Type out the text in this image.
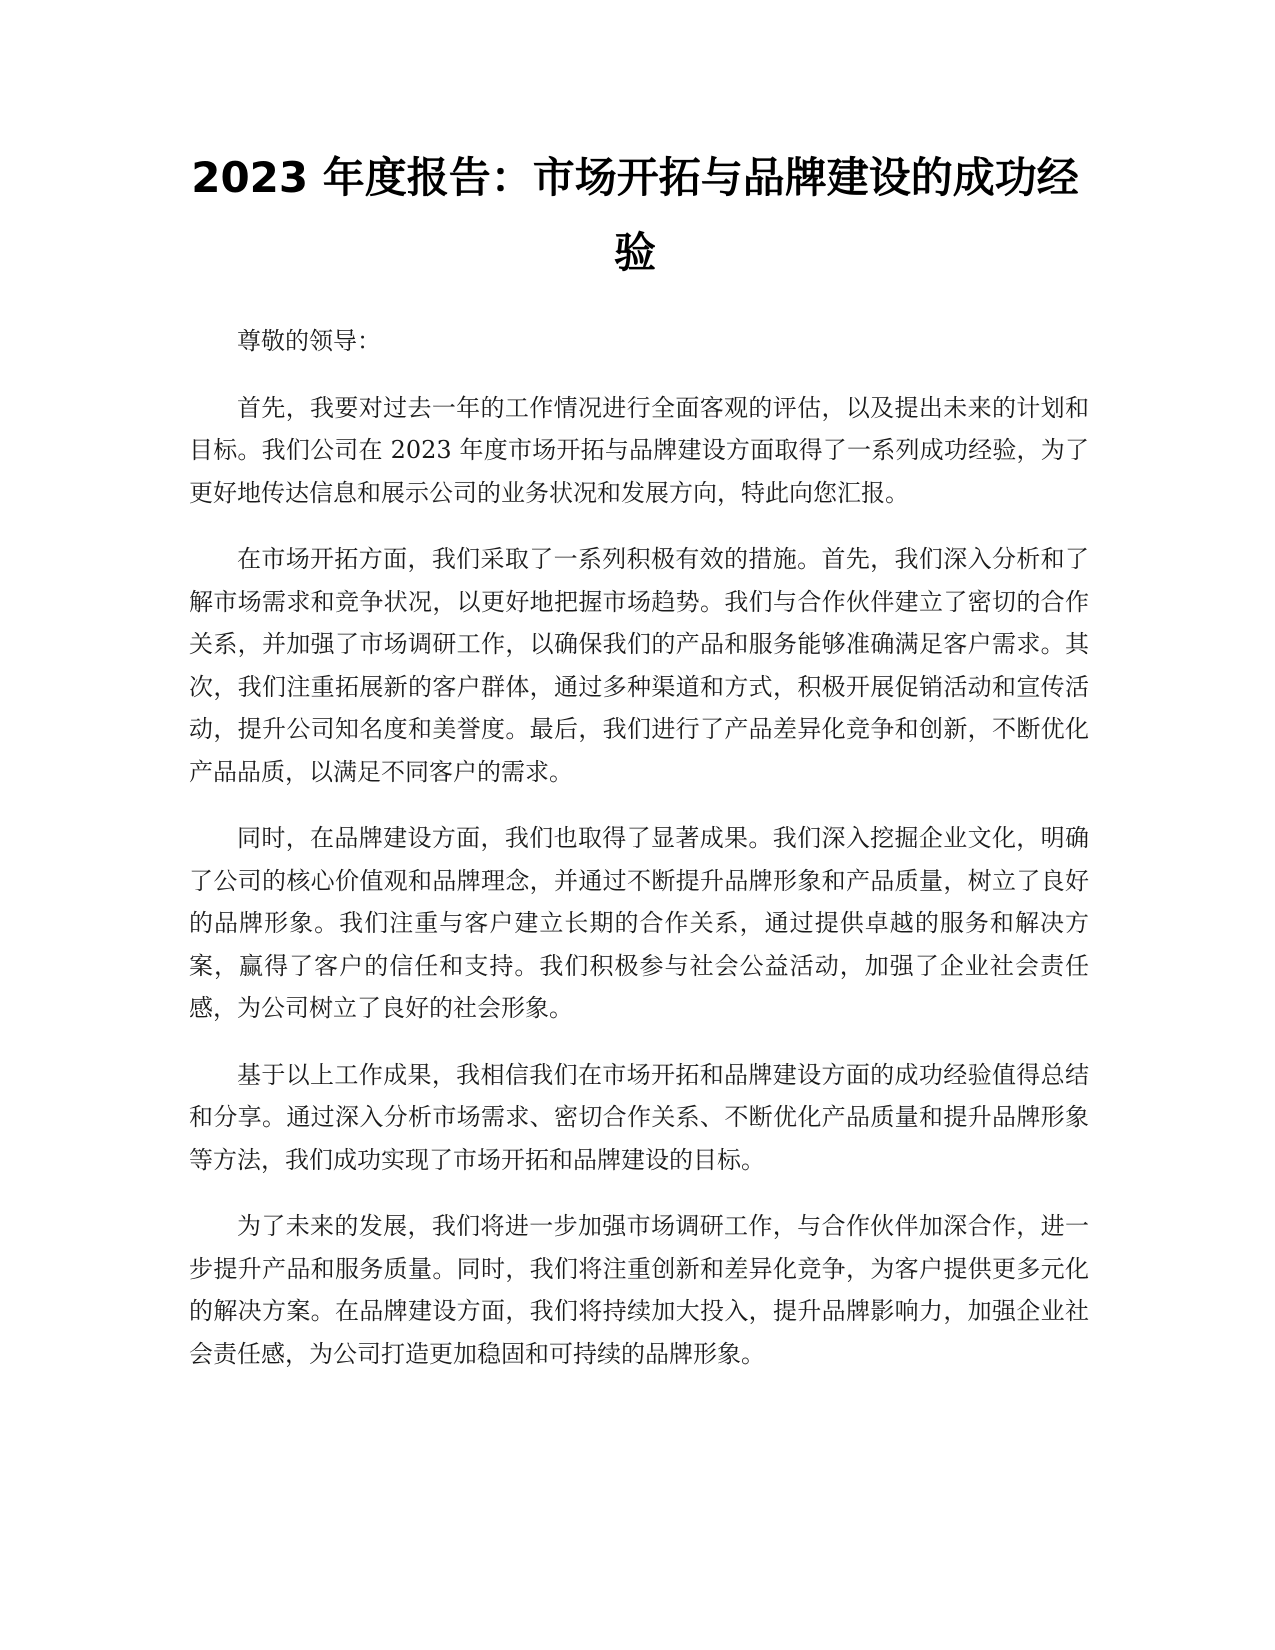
2023 年度报告：市场开拓与品牌建设的成功经验

尊敬的领导：

首先，我要对过去一年的工作情况进行全面客观的评估，以及提出未来的计划和目标。我们公司在 2023 年度市场开拓与品牌建设方面取得了一系列成功经验，为了更好地传达信息和展示公司的业务状况和发展方向，特此向您汇报。

在市场开拓方面，我们采取了一系列积极有效的措施。首先，我们深入分析和了解市场需求和竞争状况，以更好地把握市场趋势。我们与合作伙伴建立了密切的合作关系，并加强了市场调研工作，以确保我们的产品和服务能够准确满足客户需求。其次，我们注重拓展新的客户群体，通过多种渠道和方式，积极开展促销活动和宣传活动，提升公司知名度和美誉度。最后，我们进行了产品差异化竞争和创新，不断优化产品品质，以满足不同客户的需求。

同时，在品牌建设方面，我们也取得了显著成果。我们深入挖掘企业文化，明确了公司的核心价值观和品牌理念，并通过不断提升品牌形象和产品质量，树立了良好的品牌形象。我们注重与客户建立长期的合作关系，通过提供卓越的服务和解决方案，赢得了客户的信任和支持。我们积极参与社会公益活动，加强了企业社会责任感，为公司树立了良好的社会形象。

基于以上工作成果，我相信我们在市场开拓和品牌建设方面的成功经验值得总结和分享。通过深入分析市场需求、密切合作关系、不断优化产品质量和提升品牌形象等方法，我们成功实现了市场开拓和品牌建设的目标。

为了未来的发展，我们将进一步加强市场调研工作，与合作伙伴加深合作，进一步提升产品和服务质量。同时，我们将注重创新和差异化竞争，为客户提供更多元化的解决方案。在品牌建设方面，我们将持续加大投入，提升品牌影响力，加强企业社会责任感，为公司打造更加稳固和可持续的品牌形象。
